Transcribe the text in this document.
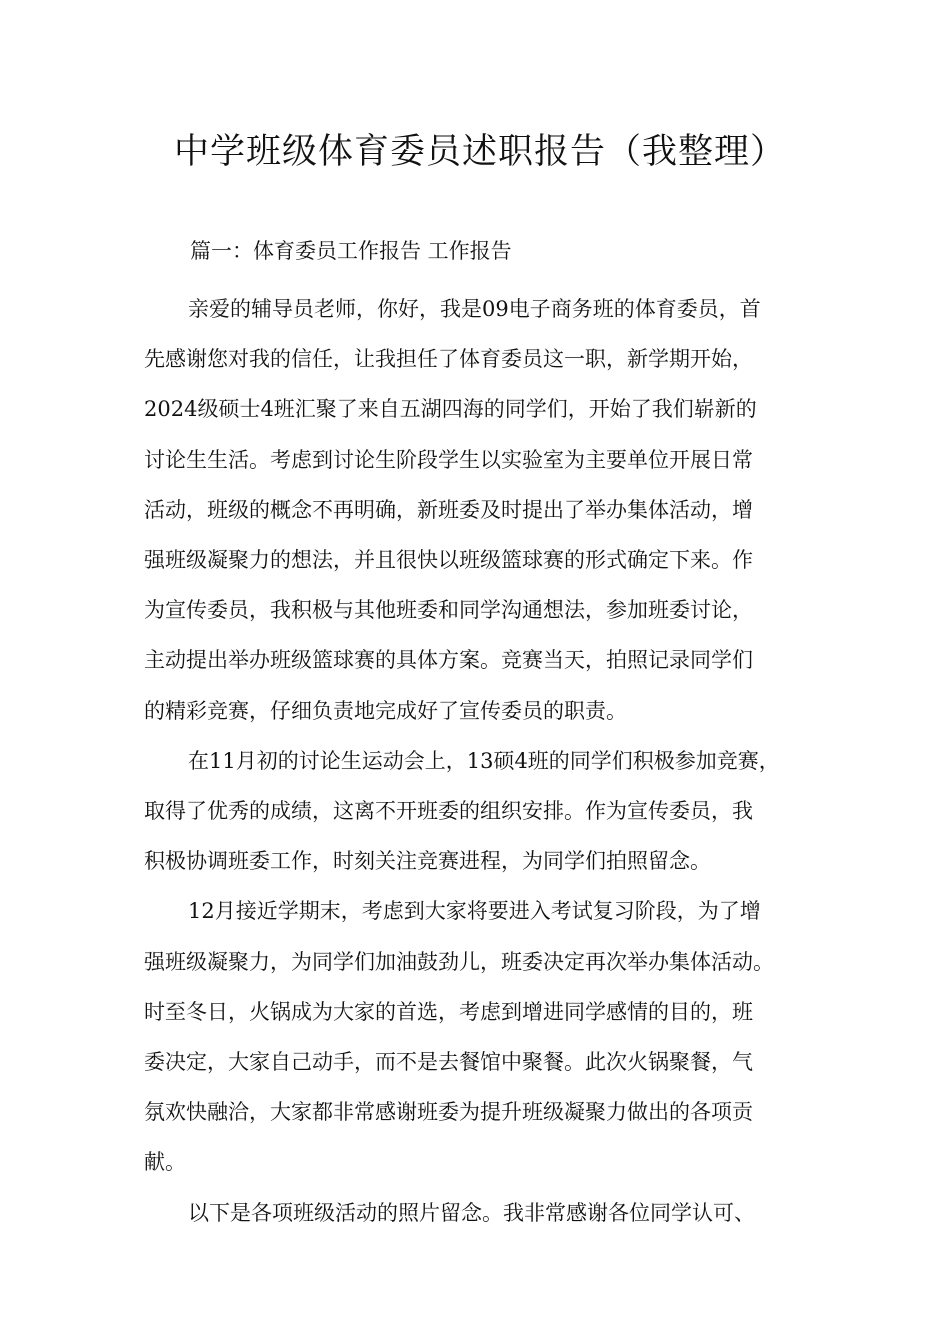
中学班级体育委员述职报告（我整理）

篇一：体育委员工作报告 工作报告

亲爱的辅导员老师，你好，我是09电子商务班的体育委员，首
先感谢您对我的信任，让我担任了体育委员这一职，新学期开始，
2024级硕士4班汇聚了来自五湖四海的同学们，开始了我们崭新的
讨论生生活。考虑到讨论生阶段学生以实验室为主要单位开展日常
活动，班级的概念不再明确，新班委及时提出了举办集体活动，增
强班级凝聚力的想法，并且很快以班级篮球赛的形式确定下来。作
为宣传委员，我积极与其他班委和同学沟通想法，参加班委讨论，
主动提出举办班级篮球赛的具体方案。竞赛当天，拍照记录同学们
的精彩竞赛，仔细负责地完成好了宣传委员的职责。

在11月初的讨论生运动会上，13硕4班的同学们积极参加竞赛，
取得了优秀的成绩，这离不开班委的组织安排。作为宣传委员，我
积极协调班委工作，时刻关注竞赛进程，为同学们拍照留念。

12月接近学期末，考虑到大家将要进入考试复习阶段，为了增
强班级凝聚力，为同学们加油鼓劲儿，班委决定再次举办集体活动。
时至冬日，火锅成为大家的首选，考虑到增进同学感情的目的，班
委决定，大家自己动手，而不是去餐馆中聚餐。此次火锅聚餐，气
氛欢快融洽，大家都非常感谢班委为提升班级凝聚力做出的各项贡
献。

以下是各项班级活动的照片留念。我非常感谢各位同学认可、
